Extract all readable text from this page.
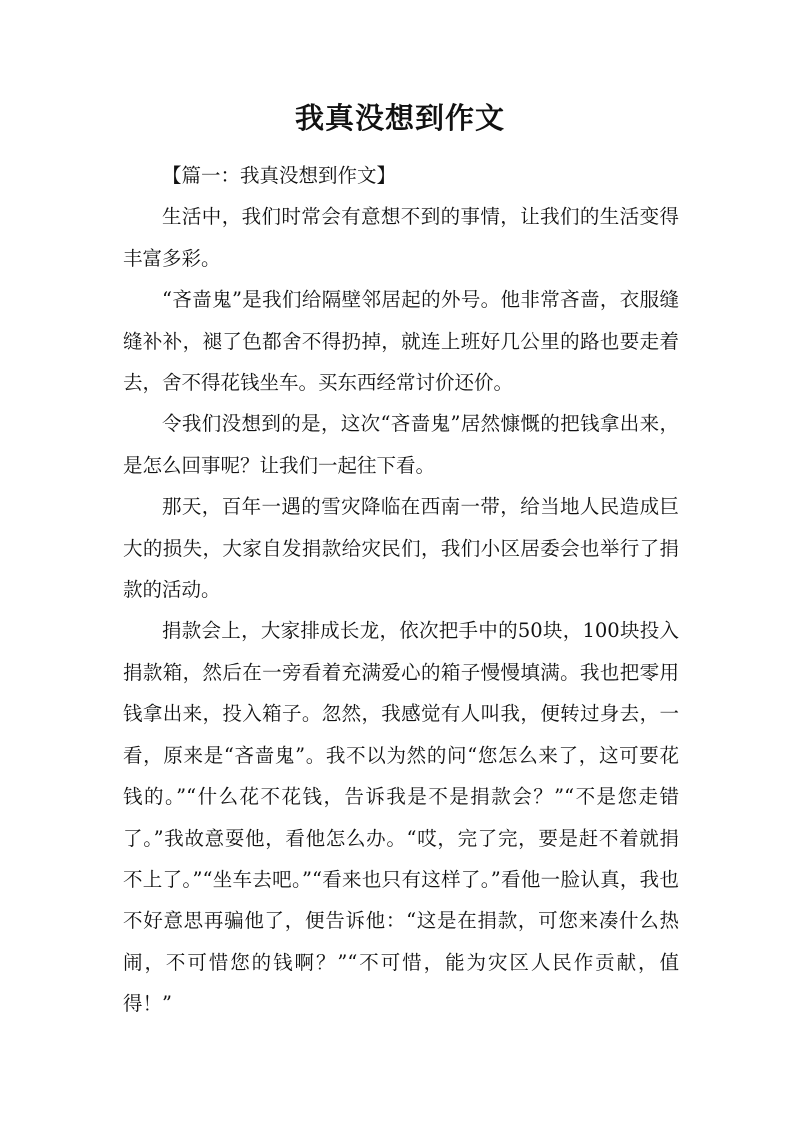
我真没想到作文

【篇一：我真没想到作文】

生活中，我们时常会有意想不到的事情，让我们的生活变得丰富多彩。

“吝啬鬼”是我们给隔壁邻居起的外号。他非常吝啬，衣服缝缝补补，褪了色都舍不得扔掉，就连上班好几公里的路也要走着去，舍不得花钱坐车。买东西经常讨价还价。

令我们没想到的是，这次“吝啬鬼”居然慷慨的把钱拿出来，是怎么回事呢？让我们一起往下看。

那天，百年一遇的雪灾降临在西南一带，给当地人民造成巨大的损失，大家自发捐款给灾民们，我们小区居委会也举行了捐款的活动。

捐款会上，大家排成长龙，依次把手中的50块，100块投入捐款箱，然后在一旁看着充满爱心的箱子慢慢填满。我也把零用钱拿出来，投入箱子。忽然，我感觉有人叫我，便转过身去，一看，原来是“吝啬鬼”。我不以为然的问“您怎么来了，这可要花钱的。”“什么花不花钱，告诉我是不是捐款会？”“不是您走错了。”我故意耍他，看他怎么办。“哎，完了完，要是赶不着就捐不上了。”“坐车去吧。”“看来也只有这样了。”看他一脸认真，我也不好意思再骗他了，便告诉他：“这是在捐款，可您来凑什么热闹，不可惜您的钱啊？”“不可惜，能为灾区人民作贡献，值得！”
